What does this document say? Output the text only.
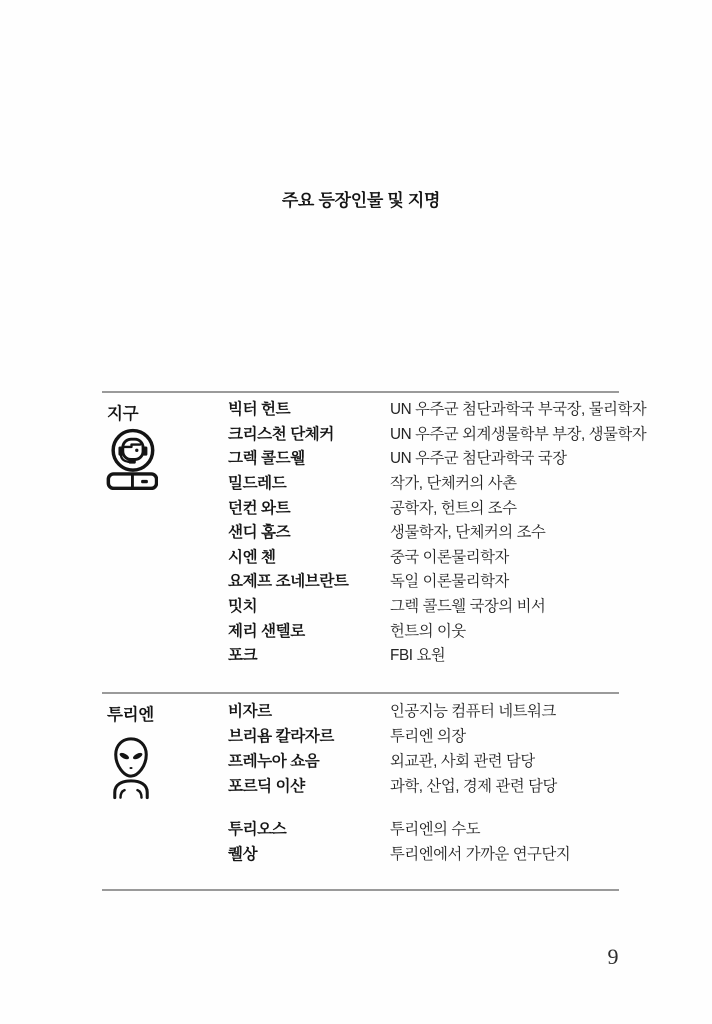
주요 등장인물 및 지명
지구	빅터 헌트	UN 우주군 첨단과학국 부국장, 물리학자
크리스천 단체커	UN 우주군 외계생물학부 부장, 생물학자
그렉 콜드웰	UN 우주군 첨단과학국 국장
밀드레드	작가, 단체커의 사촌
던컨 와트	공학자, 헌트의 조수
샌디 홈즈	생물학자, 단체커의 조수
시엔 첸	중국 이론물리학자
요제프 조네브란트	독일 이론물리학자
밋치	그렉 콜드웰 국장의 비서
제리 샌텔로	헌트의 이웃
포크	FBI 요원
투리엔	비자르	인공지능 컴퓨터 네트워크
브리욤 칼라자르	투리엔 의장
프레누아 쇼음	외교관, 사회 관련 담당
포르딕 이샨	과학, 산업, 경제 관련 담당
투리오스	투리엔의 수도
퀠상	투리엔에서 가까운 연구단지
9
